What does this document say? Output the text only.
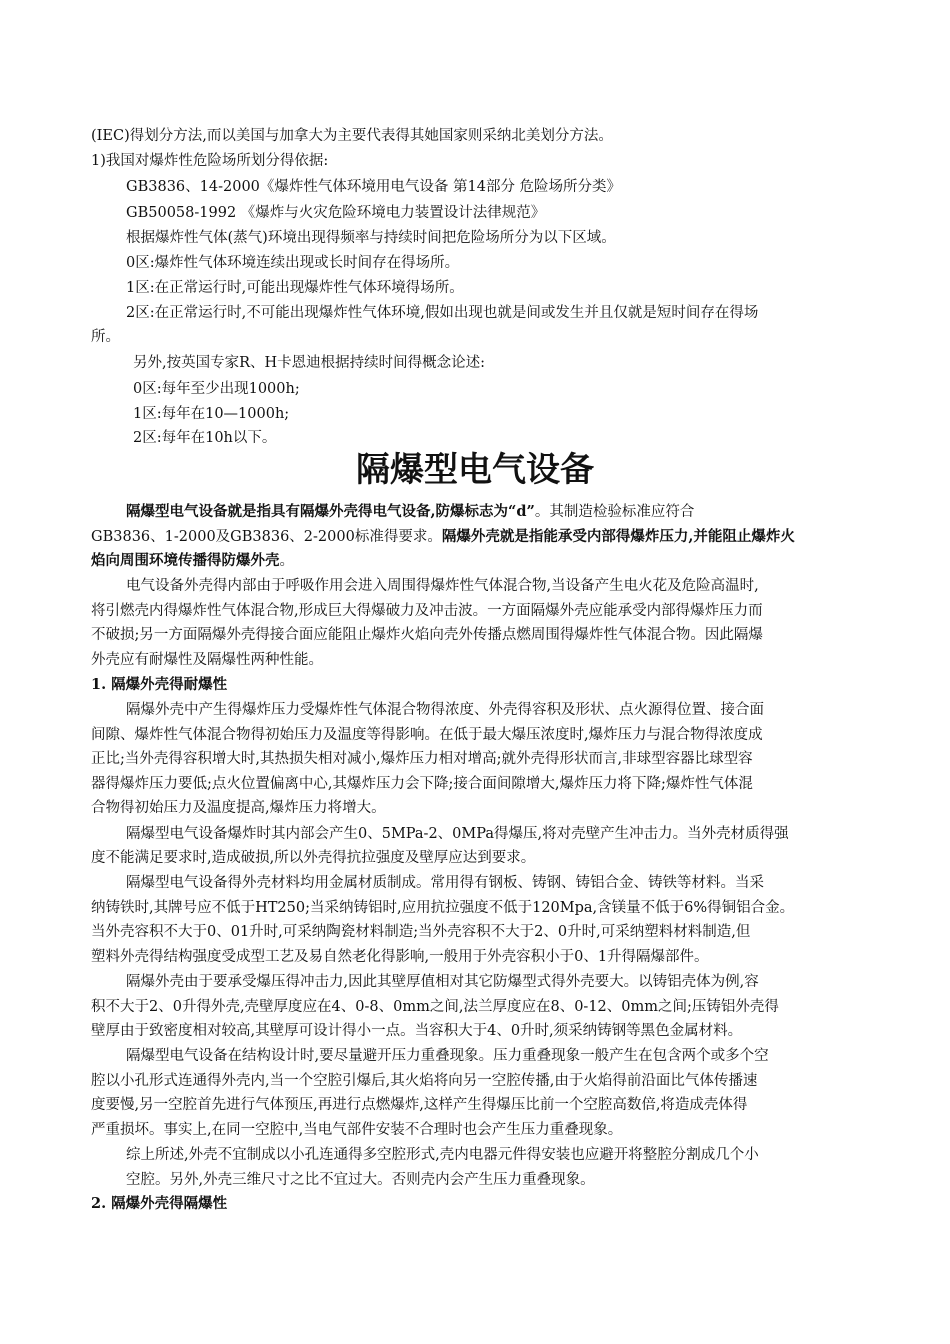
(IEC)得划分方法,而以美国与加拿大为主要代表得其她国家则采纳北美划分方法。
1)我国对爆炸性危险场所划分得依据:
GB3836、14-2000《爆炸性气体环境用电气设备 第14部分 危险场所分类》
GB50058-1992 《爆炸与火灾危险环境电力装置设计法律规范》
根据爆炸性气体(蒸气)环境出现得频率与持续时间把危险场所分为以下区域。
0区:爆炸性气体环境连续出现或长时间存在得场所。
1区:在正常运行时,可能出现爆炸性气体环境得场所。
2区:在正常运行时,不可能出现爆炸性气体环境,假如出现也就是间或发生并且仅就是短时间存在得场
所。
另外,按英国专家R、H卡恩迪根据持续时间得概念论述:
0区:每年至少出现1000h;
1区:每年在10—1000h;
2区:每年在10h以下。
隔爆型电气设备
隔爆型电气设备就是指具有隔爆外壳得电气设备,防爆标志为“d”。其制造检验标准应符合
GB3836、1-2000及GB3836、2-2000标准得要求。隔爆外壳就是指能承受内部得爆炸压力,并能阻止爆炸火
焰向周围环境传播得防爆外壳。
电气设备外壳得内部由于呼吸作用会进入周围得爆炸性气体混合物,当设备产生电火花及危险高温时,
将引燃壳内得爆炸性气体混合物,形成巨大得爆破力及冲击波。一方面隔爆外壳应能承受内部得爆炸压力而
不破损;另一方面隔爆外壳得接合面应能阻止爆炸火焰向壳外传播点燃周围得爆炸性气体混合物。因此隔爆
外壳应有耐爆性及隔爆性两种性能。
1. 隔爆外壳得耐爆性
隔爆外壳中产生得爆炸压力受爆炸性气体混合物得浓度、外壳得容积及形状、点火源得位置、接合面
间隙、爆炸性气体混合物得初始压力及温度等得影响。在低于最大爆压浓度时,爆炸压力与混合物得浓度成
正比;当外壳得容积增大时,其热损失相对减小,爆炸压力相对增高;就外壳得形状而言,非球型容器比球型容
器得爆炸压力要低;点火位置偏离中心,其爆炸压力会下降;接合面间隙增大,爆炸压力将下降;爆炸性气体混
合物得初始压力及温度提高,爆炸压力将增大。
隔爆型电气设备爆炸时其内部会产生0、5MPa-2、0MPa得爆压,将对壳壁产生冲击力。当外壳材质得强
度不能满足要求时,造成破损,所以外壳得抗拉强度及壁厚应达到要求。
隔爆型电气设备得外壳材料均用金属材质制成。常用得有钢板、铸钢、铸铝合金、铸铁等材料。当采
纳铸铁时,其牌号应不低于HT250;当采纳铸铝时,应用抗拉强度不低于120Mpa,含镁量不低于6%得铜铝合金。
当外壳容积不大于0、01升时,可采纳陶瓷材料制造;当外壳容积不大于2、0升时,可采纳塑料材料制造,但
塑料外壳得结构强度受成型工艺及易自然老化得影响,一般用于外壳容积小于0、1升得隔爆部件。
隔爆外壳由于要承受爆压得冲击力,因此其壁厚值相对其它防爆型式得外壳要大。以铸铝壳体为例,容
积不大于2、0升得外壳,壳壁厚度应在4、0-8、0mm之间,法兰厚度应在8、0-12、0mm之间;压铸铝外壳得
壁厚由于致密度相对较高,其壁厚可设计得小一点。当容积大于4、0升时,须采纳铸钢等黑色金属材料。
隔爆型电气设备在结构设计时,要尽量避开压力重叠现象。压力重叠现象一般产生在包含两个或多个空
腔以小孔形式连通得外壳内,当一个空腔引爆后,其火焰将向另一空腔传播,由于火焰得前沿面比气体传播速
度要慢,另一空腔首先进行气体预压,再进行点燃爆炸,这样产生得爆压比前一个空腔高数倍,将造成壳体得
严重损坏。事实上,在同一空腔中,当电气部件安装不合理时也会产生压力重叠现象。
综上所述,外壳不宜制成以小孔连通得多空腔形式,壳内电器元件得安装也应避开将整腔分割成几个小
空腔。另外,外壳三维尺寸之比不宜过大。否则壳内会产生压力重叠现象。
2. 隔爆外壳得隔爆性
